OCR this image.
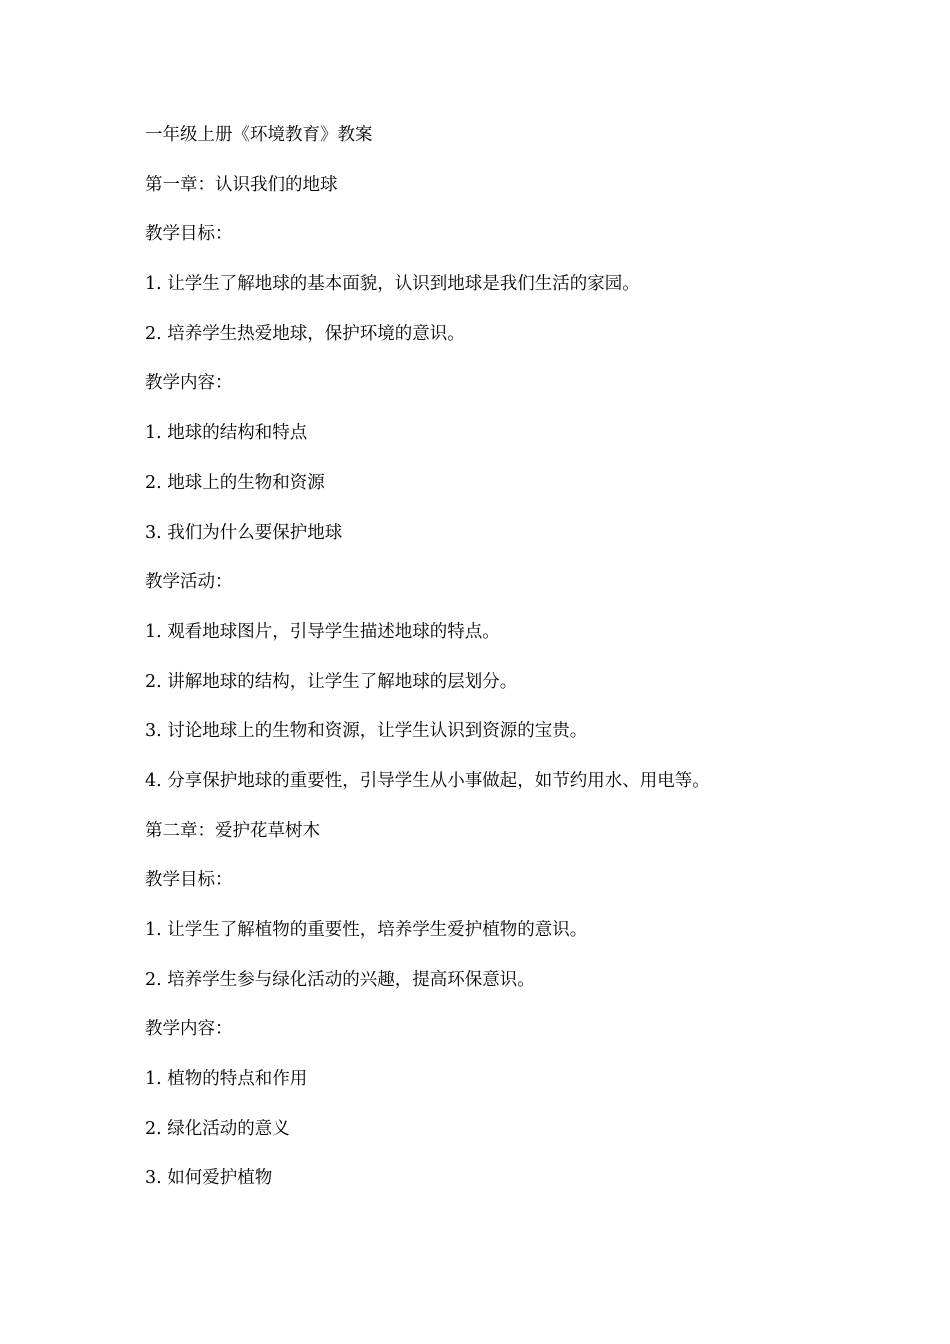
一年级上册《环境教育》教案
第一章：认识我们的地球
教学目标：
1. 让学生了解地球的基本面貌，认识到地球是我们生活的家园。
2. 培养学生热爱地球，保护环境的意识。
教学内容：
1. 地球的结构和特点
2. 地球上的生物和资源
3. 我们为什么要保护地球
教学活动：
1. 观看地球图片，引导学生描述地球的特点。
2. 讲解地球的结构，让学生了解地球的层划分。
3. 讨论地球上的生物和资源，让学生认识到资源的宝贵。
4. 分享保护地球的重要性，引导学生从小事做起，如节约用水、用电等。
第二章：爱护花草树木
教学目标：
1. 让学生了解植物的重要性，培养学生爱护植物的意识。
2. 培养学生参与绿化活动的兴趣，提高环保意识。
教学内容：
1. 植物的特点和作用
2. 绿化活动的意义
3. 如何爱护植物
